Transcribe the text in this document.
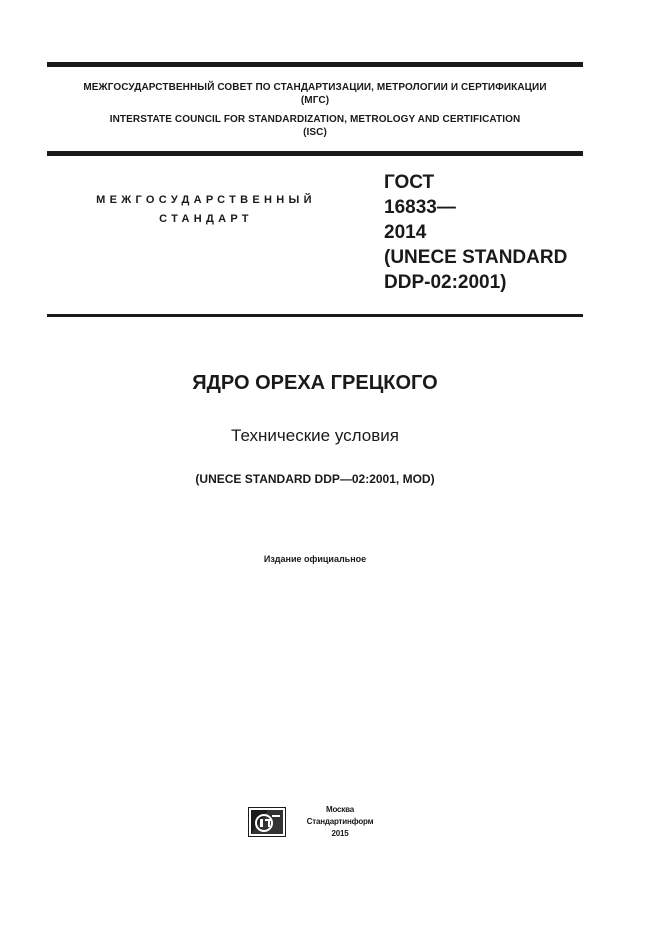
МЕЖГОСУДАРСТВЕННЫЙ СОВЕТ ПО СТАНДАРТИЗАЦИИ, МЕТРОЛОГИИ И СЕРТИФИКАЦИИ
(МГС)
INTERSTATE COUNCIL FOR STANDARDIZATION, METROLOGY AND CERTIFICATION
(ISC)
МЕЖГОСУДАРСТВЕННЫЙ
СТАНДАРТ
ГОСТ
16833—
2014
(UNECE STANDARD
DDP-02:2001)
ЯДРО ОРЕХА ГРЕЦКОГО
Технические условия
(UNECE STANDARD DDP—02:2001, MOD)
Издание официальное
Москва
Стандартинформ
2015
